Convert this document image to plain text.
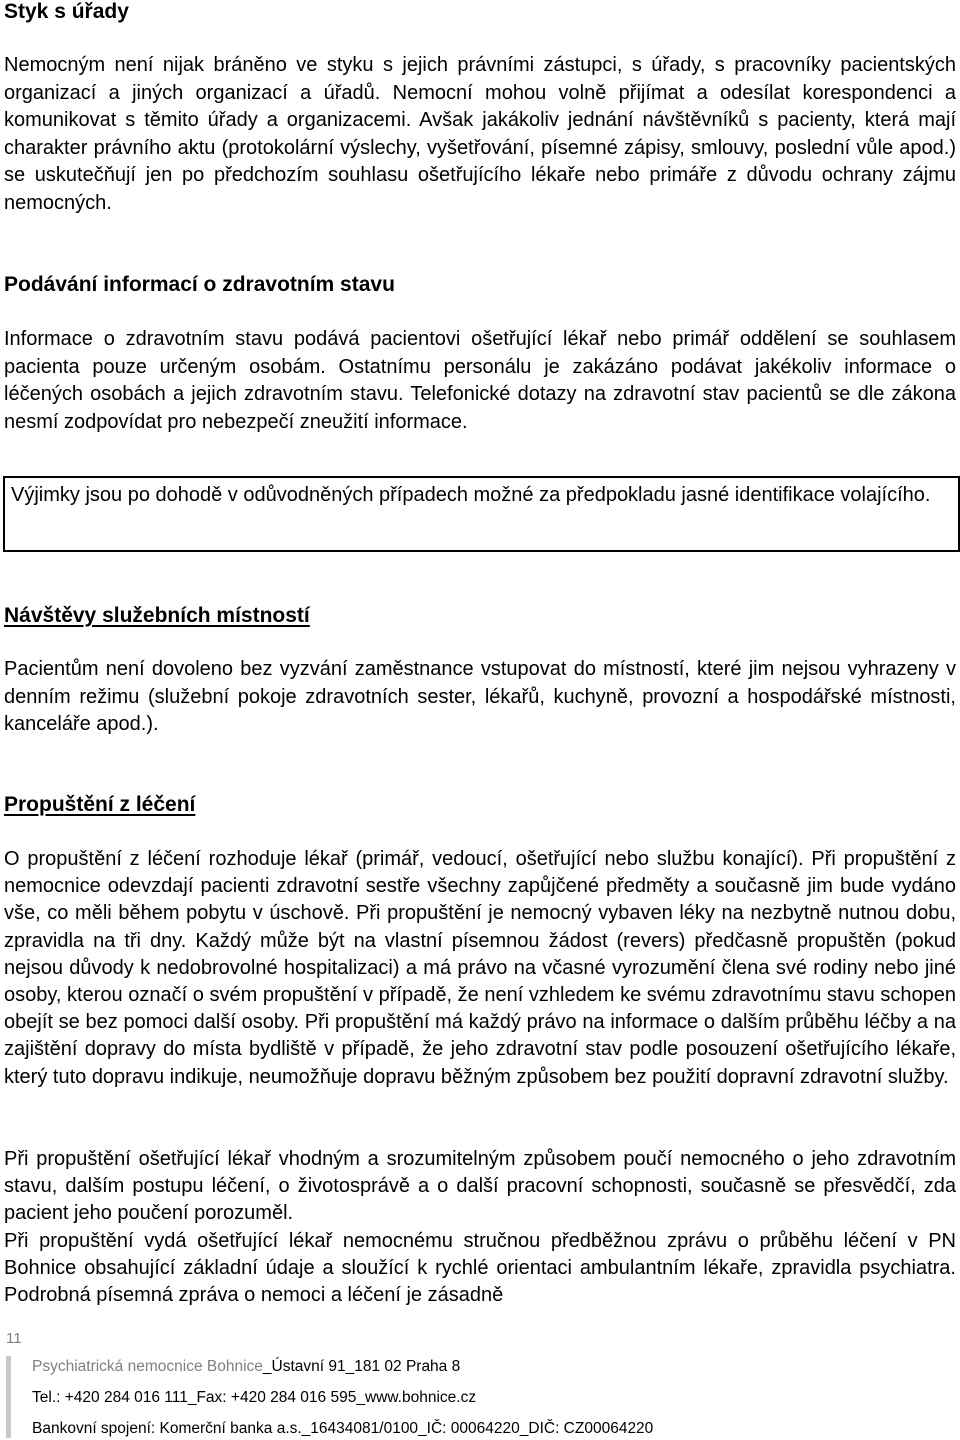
Styk s úřady

Nemocným není nijak bráněno ve styku s jejich právními zástupci, s úřady, s pracovníky pacientských organizací a jiných organizací a úřadů. Nemocní mohou volně přijímat a odesílat korespondenci a komunikovat s těmito úřady a organizacemi. Avšak jakákoliv jednání návštěvníků s pacienty, která mají charakter právního aktu (protokolární výslechy, vyšetřování, písemné zápisy, smlouvy, poslední vůle apod.) se uskutečňují jen po předchozím souhlasu ošetřujícího lékaře nebo primáře z důvodu ochrany zájmu nemocných.

Podávání informací o zdravotním stavu

Informace o zdravotním stavu podává pacientovi ošetřující lékař nebo primář oddělení se souhlasem pacienta pouze určeným osobám. Ostatnímu personálu je zakázáno podávat jakékoliv informace o léčených osobách a jejich zdravotním stavu. Telefonické dotazy na zdravotní stav pacientů se dle zákona nesmí zodpovídat pro nebezpečí zneužití informace.

Výjimky jsou po dohodě v odůvodněných případech možné za předpokladu jasné identifikace volajícího.

Návštěvy služebních místností

Pacientům není dovoleno bez vyzvání zaměstnance vstupovat do místností, které jim nejsou vyhrazeny v denním režimu (služební pokoje zdravotních sester, lékařů, kuchyně, provozní a hospodářské místnosti, kanceláře apod.).

Propuštění z léčení

O propuštění z léčení rozhoduje lékař (primář, vedoucí, ošetřující nebo službu konající). Při propuštění z nemocnice odevzdají pacienti zdravotní sestře všechny zapůjčené předměty a současně jim bude vydáno vše, co měli během pobytu v úschově. Při propuštění je nemocný vybaven léky na nezbytně nutnou dobu, zpravidla na tři dny. Každý může být na vlastní písemnou žádost (revers) předčasně propuštěn (pokud nejsou důvody k nedobrovolné hospitalizaci) a má právo na včasné vyrozumění člena své rodiny nebo jiné osoby, kterou označí o svém propuštění v případě, že není vzhledem ke svému zdravotnímu stavu schopen obejít se bez pomoci další osoby. Při propuštění má každý právo na informace o dalším průběhu léčby a na zajištění dopravy do místa bydliště v případě, že jeho zdravotní stav podle posouzení ošetřujícího lékaře, který tuto dopravu indikuje, neumožňuje dopravu běžným způsobem bez použití dopravní zdravotní služby.

Při propuštění ošetřující lékař vhodným a srozumitelným způsobem poučí nemocného o jeho zdravotním stavu, dalším postupu léčení, o životosprávě a o další pracovní schopnosti, současně se přesvědčí, zda pacient jeho poučení porozuměl.

Při propuštění vydá ošetřující lékař nemocnému stručnou předběžnou zprávu o průběhu léčení v PN Bohnice obsahující základní údaje a sloužící k rychlé orientaci ambulantním lékaře, zpravidla psychiatra. Podrobná písemná zpráva o nemoci a léčení je zásadně

11
Psychiatrická nemocnice Bohnice_Ústavní 91_181 02 Praha 8
Tel.: +420 284 016 111_Fax: +420 284 016 595_www.bohnice.cz
Bankovní spojení: Komerční banka a.s._16434081/0100_IČ: 00064220_DIČ: CZ00064220
